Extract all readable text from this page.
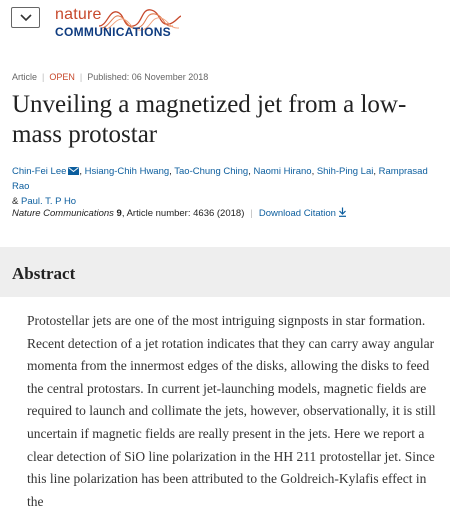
nature
COMMUNICATIONS
Article | OPEN | Published: 06 November 2018
Unveiling a magnetized jet from a low-mass protostar
Chin-Fei Lee , Hsiang-Chih Hwang, Tao-Chung Ching, Naomi Hirano, Shih-Ping Lai, Ramprasad Rao
& Paul. T. P Ho
Nature Communications 9, Article number: 4636 (2018) | Download Citation
Abstract

Protostellar jets are one of the most intriguing signposts in star formation. Recent detection of a jet rotation indicates that they can carry away angular momenta from the innermost edges of the disks, allowing the disks to feed the central protostars. In current jet-launching models, magnetic fields are required to launch and collimate the jets, however, observationally, it is still uncertain if magnetic fields are really present in the jets. Here we report a clear detection of SiO line polarization in the HH 211 protostellar jet. Since this line polarization has been attributed to the Goldreich-Kylafis effect in the
